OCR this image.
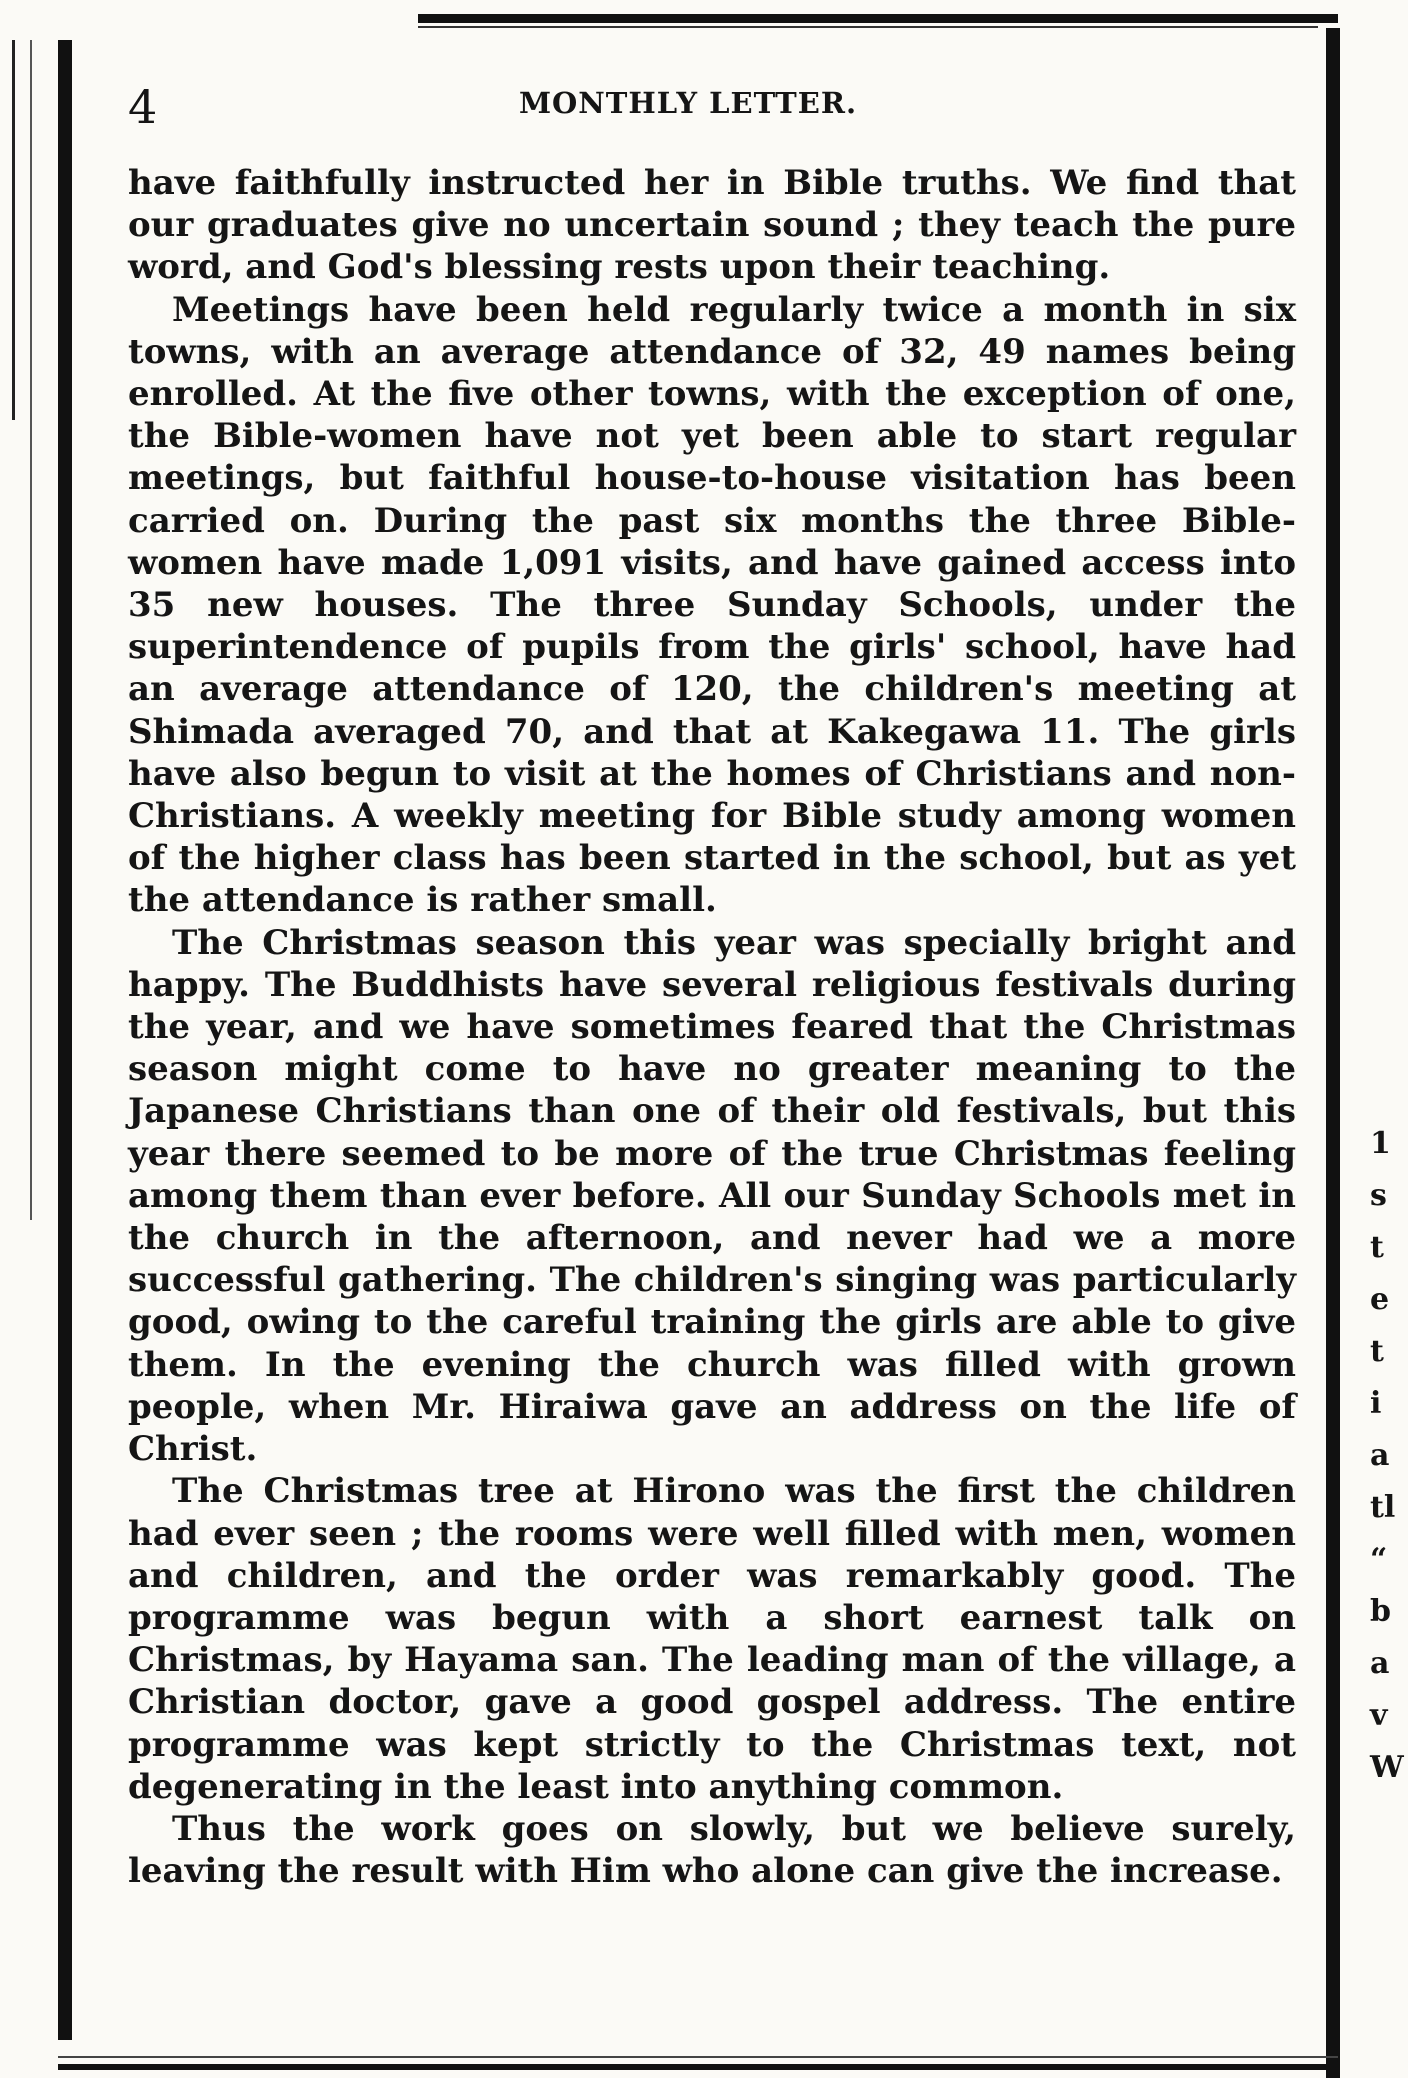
4	MONTHLY LETTER.

have faithfully instructed her in Bible truths. We find that our graduates give no uncertain sound ; they teach the pure word, and God's blessing rests upon their teaching.

Meetings have been held regularly twice a month in six towns, with an average attendance of 32, 49 names being enrolled. At the five other towns, with the exception of one, the Bible-women have not yet been able to start regular meetings, but faithful house-to-house visitation has been carried on. During the past six months the three Bible-women have made 1,091 visits, and have gained access into 35 new houses. The three Sunday Schools, under the superintendence of pupils from the girls' school, have had an average attendance of 120, the children's meeting at Shimada averaged 70, and that at Kakegawa 11. The girls have also begun to visit at the homes of Christians and non-Christians. A weekly meeting for Bible study among women of the higher class has been started in the school, but as yet the attendance is rather small.

The Christmas season this year was specially bright and happy. The Buddhists have several religious festivals during the year, and we have sometimes feared that the Christmas season might come to have no greater meaning to the Japanese Christians than one of their old festivals, but this year there seemed to be more of the true Christmas feeling among them than ever before. All our Sunday Schools met in the church in the afternoon, and never had we a more successful gathering. The children's singing was particularly good, owing to the careful training the girls are able to give them. In the evening the church was filled with grown people, when Mr. Hiraiwa gave an address on the life of Christ.

The Christmas tree at Hirono was the first the children had ever seen ; the rooms were well filled with men, women and children, and the order was remarkably good. The programme was begun with a short earnest talk on Christmas, by Hayama san. The leading man of the village, a Christian doctor, gave a good gospel address. The entire programme was kept strictly to the Christmas text, not degenerating in the least into anything common.

Thus the work goes on slowly, but we believe surely, leaving the result with Him who alone can give the increase.

1
s
t
e
t
i
a
tl
“
b
a
v
W
